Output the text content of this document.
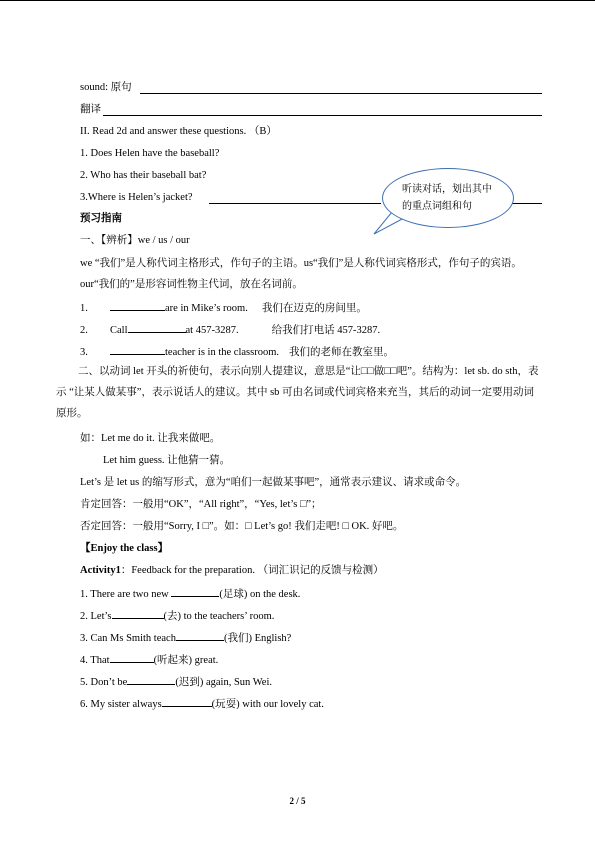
sound: 原句
翻译
II. Read 2d and answer these questions. （B）
1. Does Helen have the baseball?
2. Who has their baseball bat?
3.Where is Helen’s jacket?
听读对话，划出其中的重点词组和句
预习指南
一、【辨析】we / us / our
we “我们”是人称代词主格形式，作句子的主语。us“我们”是人称代词宾格形式，作句子的宾语。our“我们的”是形容词性物主代词，放在名词前。
1.	are in Mike’s room. 我们在迈克的房间里。
2. Call	at 457-3287.	给我们打电话 457-3287.
3.	teacher is in the classroom. 我们的老师在教室里。
二、以动词 let 开头的祈使句，表示向别人提建议，意思是“让□□做□□吧”。结构为：let sb. do sth，表示 “让某人做某事”，表示说话人的建议。其中 sb 可由名词或代词宾格来充当，其后的动词一定要用动词原形。
如：Let me do it. 让我来做吧。
Let him guess. 让他猜一猜。
Let’s 是 let us 的缩写形式，意为“咱们一起做某事吧”，通常表示建议、请求或命令。
肯定回答：一般用“OK”，“All right”，“Yes, let’s □”；
否定回答：一般用“Sorry, I □”。如：□ Let’s go! 我们走吧! □ OK. 好吧。
【Enjoy the class】
Activity1：Feedback for the preparation. （词汇识记的反馈与检测）
1. There are two new	(足球) on the desk.
2. Let’s	(去) to the teachers’ room.
3. Can Ms Smith teach	(我们) English?
4. That	(听起来) great.
5. Don’t be	(迟到) again, Sun Wei.
6. My sister always	(玩耍) with our lovely cat.
2 / 5
